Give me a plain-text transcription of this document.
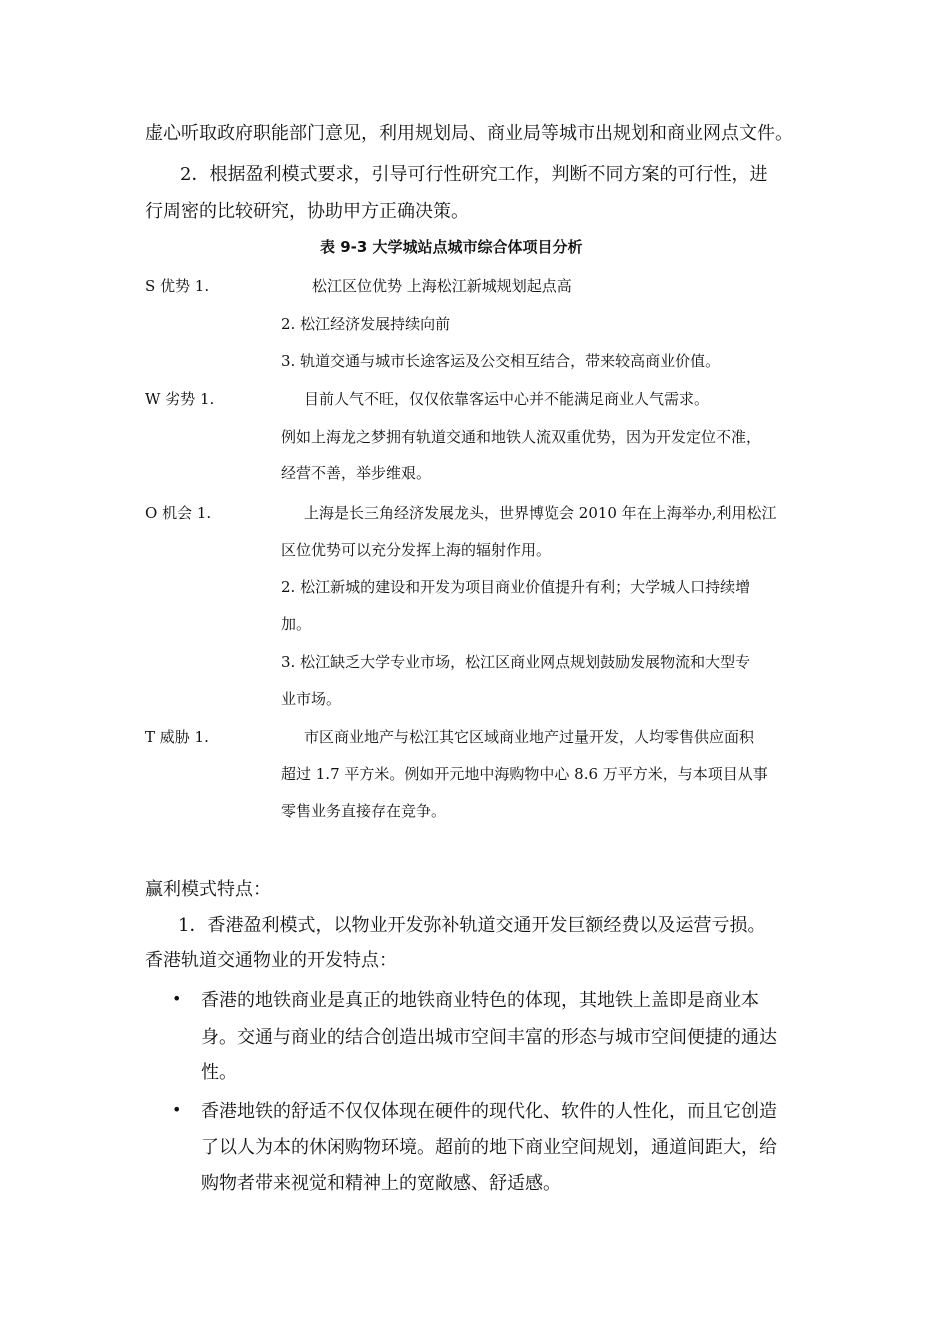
虚心听取政府职能部门意见，利用规划局、商业局等城市出规划和商业网点文件。
2．根据盈利模式要求，引导可行性研究工作，判断不同方案的可行性，进
行周密的比较研究，协助甲方正确决策。
表 9-3 大学城站点城市综合体项目分析
S 优势 1.	松江区位优势 上海松江新城规划起点高
2. 松江经济发展持续向前
3. 轨道交通与城市长途客运及公交相互结合，带来较高商业价值。
W 劣势 1.	目前人气不旺，仅仅依靠客运中心并不能满足商业人气需求。
例如上海龙之梦拥有轨道交通和地铁人流双重优势，因为开发定位不准，
经营不善，举步维艰。
O 机会 1.	上海是长三角经济发展龙头，世界博览会 2010 年在上海举办,利用松江
区位优势可以充分发挥上海的辐射作用。
2. 松江新城的建设和开发为项目商业价值提升有利；大学城人口持续增
加。
3. 松江缺乏大学专业市场，松江区商业网点规划鼓励发展物流和大型专
业市场。
T 威胁 1.	市区商业地产与松江其它区域商业地产过量开发，人均零售供应面积
超过 1.7 平方米。例如开元地中海购物中心 8.6 万平方米，与本项目从事
零售业务直接存在竞争。
赢利模式特点：
1．香港盈利模式，以物业开发弥补轨道交通开发巨额经费以及运营亏损。
香港轨道交通物业的开发特点：
• 香港的地铁商业是真正的地铁商业特色的体现，其地铁上盖即是商业本
身。交通与商业的结合创造出城市空间丰富的形态与城市空间便捷的通达
性。
• 香港地铁的舒适不仅仅体现在硬件的现代化、软件的人性化，而且它创造
了以人为本的休闲购物环境。超前的地下商业空间规划，通道间距大，给
购物者带来视觉和精神上的宽敞感、舒适感。
